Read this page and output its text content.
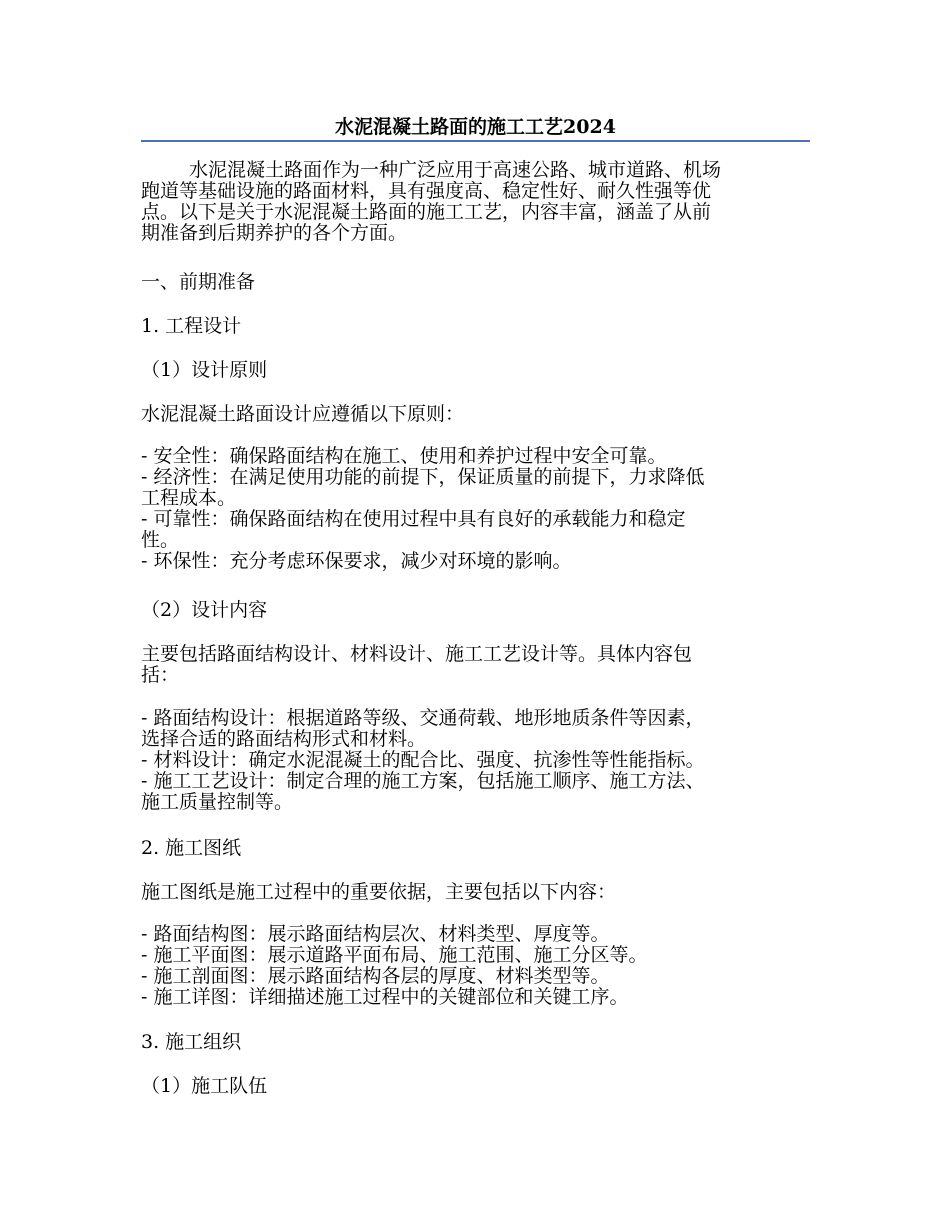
水泥混凝土路面的施工工艺2024
水泥混凝土路面作为一种广泛应用于高速公路、城市道路、机场
跑道等基础设施的路面材料，具有强度高、稳定性好、耐久性强等优
点。以下是关于水泥混凝土路面的施工工艺，内容丰富，涵盖了从前
期准备到后期养护的各个方面。
一、前期准备
1. 工程设计
（1）设计原则
水泥混凝土路面设计应遵循以下原则：
- 安全性：确保路面结构在施工、使用和养护过程中安全可靠。
- 经济性：在满足使用功能的前提下，保证质量的前提下，力求降低
工程成本。
- 可靠性：确保路面结构在使用过程中具有良好的承载能力和稳定
性。
- 环保性：充分考虑环保要求，减少对环境的影响。
（2）设计内容
主要包括路面结构设计、材料设计、施工工艺设计等。具体内容包
括：
- 路面结构设计：根据道路等级、交通荷载、地形地质条件等因素，
选择合适的路面结构形式和材料。
- 材料设计：确定水泥混凝土的配合比、强度、抗渗性等性能指标。
- 施工工艺设计：制定合理的施工方案，包括施工顺序、施工方法、
施工质量控制等。
2. 施工图纸
施工图纸是施工过程中的重要依据，主要包括以下内容：
- 路面结构图：展示路面结构层次、材料类型、厚度等。
- 施工平面图：展示道路平面布局、施工范围、施工分区等。
- 施工剖面图：展示路面结构各层的厚度、材料类型等。
- 施工详图：详细描述施工过程中的关键部位和关键工序。
3. 施工组织
（1）施工队伍
